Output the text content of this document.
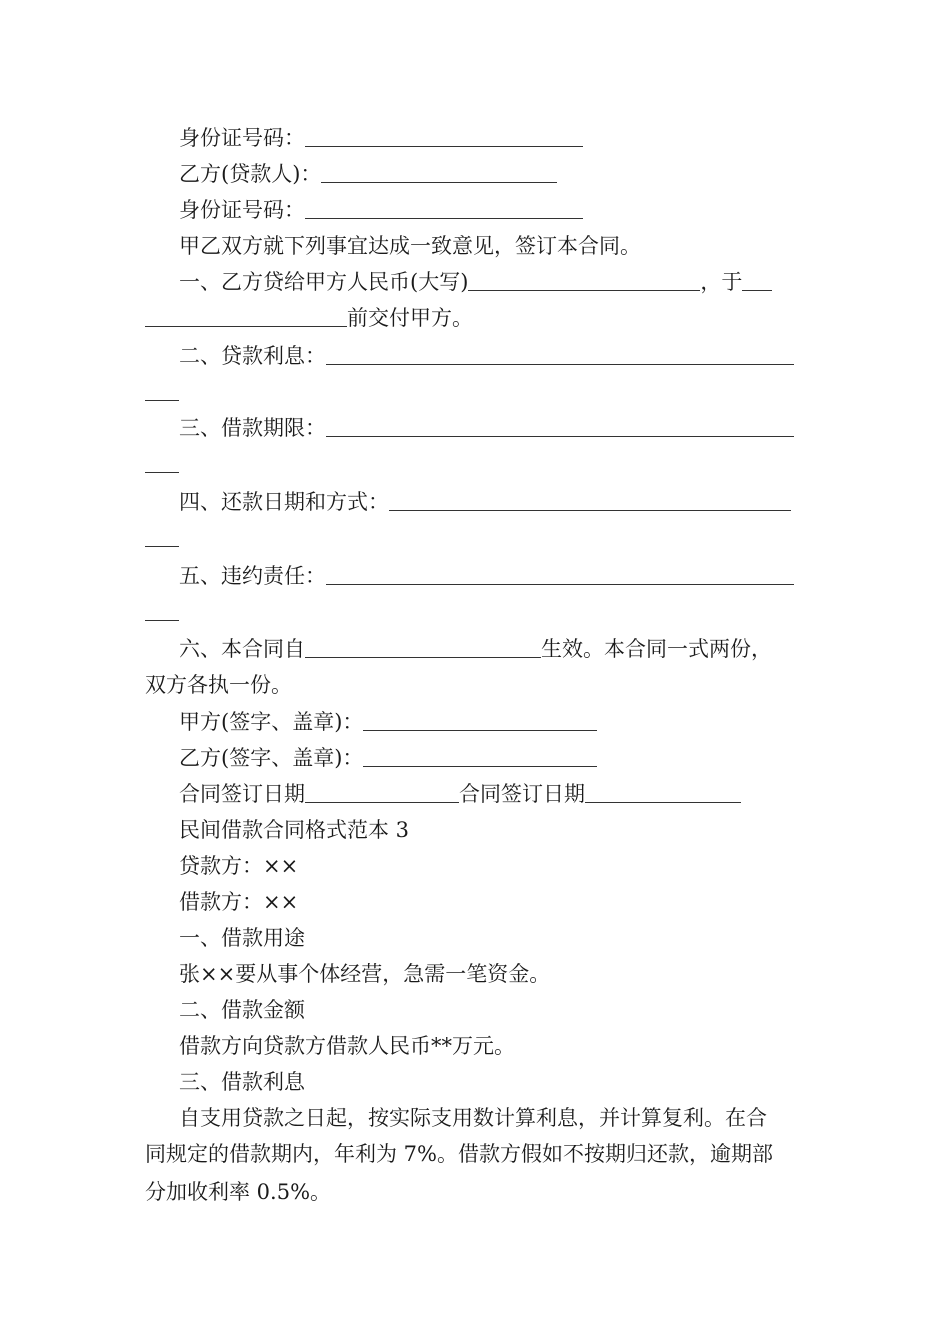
身份证号码：
乙方(贷款人)：
身份证号码：
甲乙双方就下列事宜达成一致意见，签订本合同。
一、乙方贷给甲方人民币(大写)	，于
前交付甲方。
二、贷款利息：
三、借款期限：
四、还款日期和方式：
五、违约责任：
六、本合同自	生效。本合同一式两份，
双方各执一份。
甲方(签字、盖章)：
乙方(签字、盖章)：
合同签订日期	合同签订日期
民间借款合同格式范本 3
贷款方：××
借款方：××
一、借款用途
张××要从事个体经营，急需一笔资金。
二、借款金额
借款方向贷款方借款人民币**万元。
三、借款利息
自支用贷款之日起，按实际支用数计算利息，并计算复利。在合
同规定的借款期内，年利为 7%。借款方假如不按期归还款，逾期部
分加收利率 0.5%。
